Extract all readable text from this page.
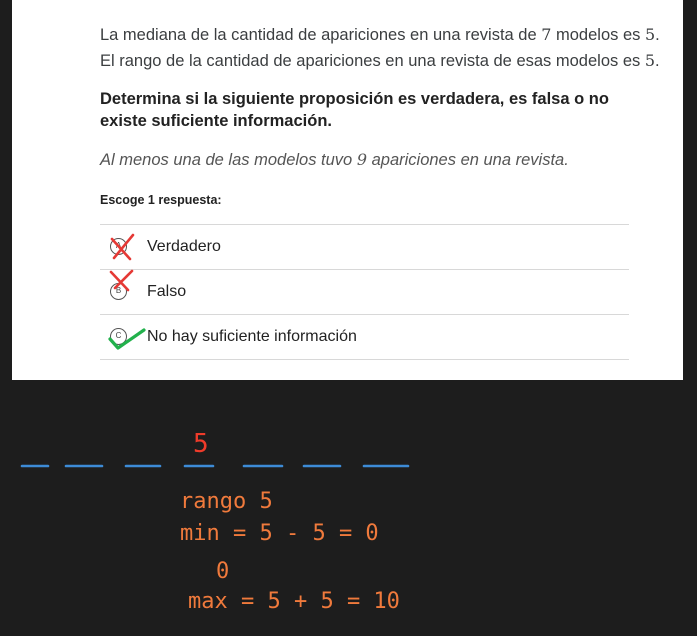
La mediana de la cantidad de apariciones en una revista de 7 modelos es 5.
El rango de la cantidad de apariciones en una revista de esas modelos es 5.

Determina si la siguiente proposición es verdadera, es falsa o no existe suficiente información.
Al menos una de las modelos tuvo 9 apariciones en una revista.
Escoge 1 respuesta:
A	Verdadero
B	Falso
C	No hay suficiente información
5
rango 5
min = 5 - 5 = 0
0
max = 5 + 5 = 10
